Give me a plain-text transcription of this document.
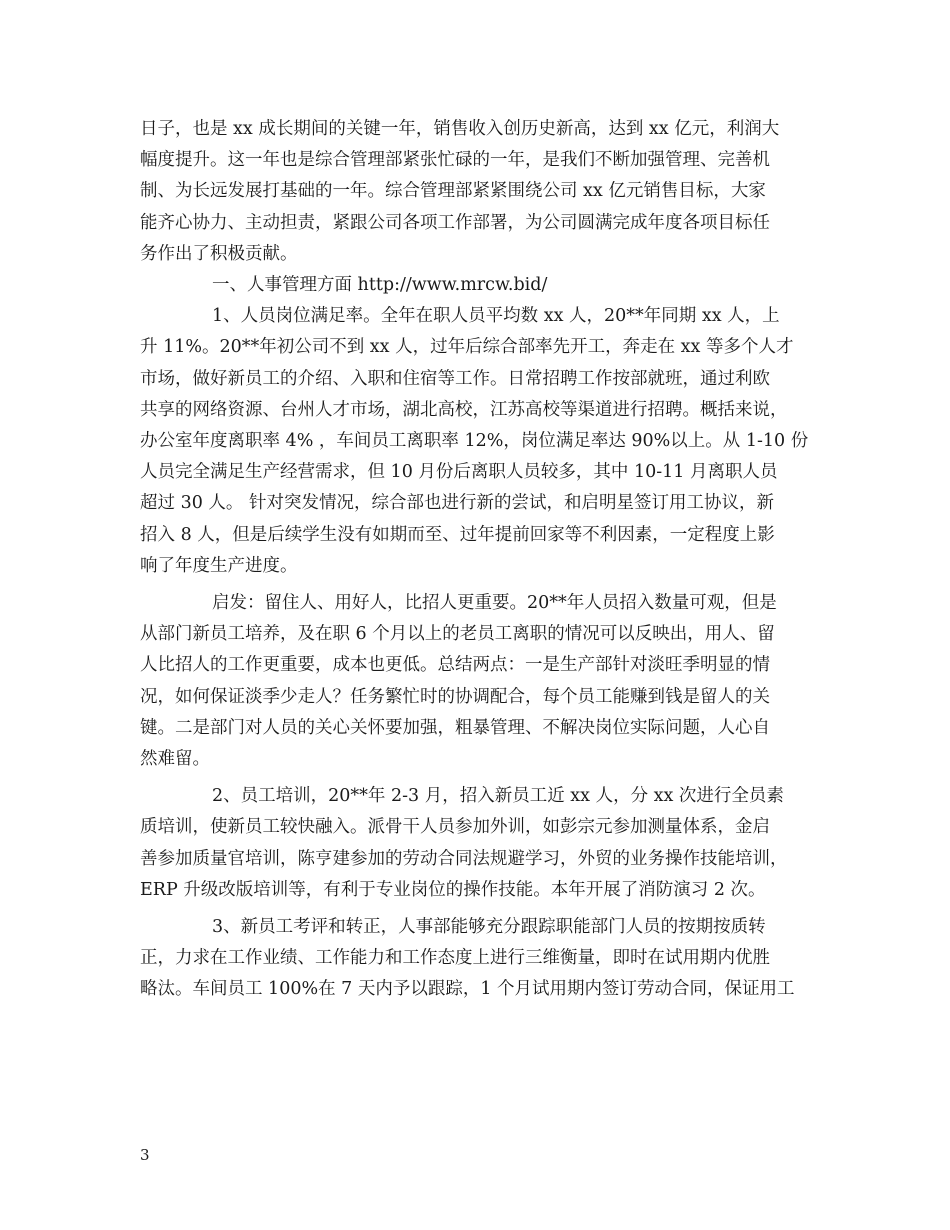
日子，也是 xx 成长期间的关键一年，销售收入创历史新高，达到 xx 亿元，利润大
幅度提升。这一年也是综合管理部紧张忙碌的一年，是我们不断加强管理、完善机
制、为长远发展打基础的一年。综合管理部紧紧围绕公司 xx 亿元销售目标，大家
能齐心协力、主动担责，紧跟公司各项工作部署，为公司圆满完成年度各项目标任
务作出了积极贡献。

一、人事管理方面 http://www.mrcw.bid/

1、人员岗位满足率。全年在职人员平均数 xx 人，20**年同期 xx 人，上
升 11%。20**年初公司不到 xx 人，过年后综合部率先开工，奔走在 xx 等多个人才
市场，做好新员工的介绍、入职和住宿等工作。日常招聘工作按部就班，通过利欧
共享的网络资源、台州人才市场，湖北高校，江苏高校等渠道进行招聘。概括来说，
办公室年度离职率 4% ，车间员工离职率 12%，岗位满足率达 90%以上。从 1-10 份
人员完全满足生产经营需求，但 10 月份后离职人员较多，其中 10-11 月离职人员
超过 30 人。 针对突发情况，综合部也进行新的尝试，和启明星签订用工协议，新
招入 8 人，但是后续学生没有如期而至、过年提前回家等不利因素，一定程度上影
响了年度生产进度。

启发：留住人、用好人，比招人更重要。20**年人员招入数量可观，但是
从部门新员工培养，及在职 6 个月以上的老员工离职的情况可以反映出，用人、留
人比招人的工作更重要，成本也更低。总结两点：一是生产部针对淡旺季明显的情
况，如何保证淡季少走人？任务繁忙时的协调配合，每个员工能赚到钱是留人的关
键。二是部门对人员的关心关怀要加强，粗暴管理、不解决岗位实际问题，人心自
然难留。

2、员工培训，20**年 2-3 月，招入新员工近 xx 人，分 xx 次进行全员素
质培训，使新员工较快融入。派骨干人员参加外训，如彭宗元参加测量体系，金启
善参加质量官培训，陈亨建参加的劳动合同法规避学习，外贸的业务操作技能培训，
ERP 升级改版培训等，有利于专业岗位的操作技能。本年开展了消防演习 2 次。

3、新员工考评和转正，人事部能够充分跟踪职能部门人员的按期按质转
正，力求在工作业绩、工作能力和工作态度上进行三维衡量，即时在试用期内优胜
略汰。车间员工 100%在 7 天内予以跟踪，1 个月试用期内签订劳动合同，保证用工

3
